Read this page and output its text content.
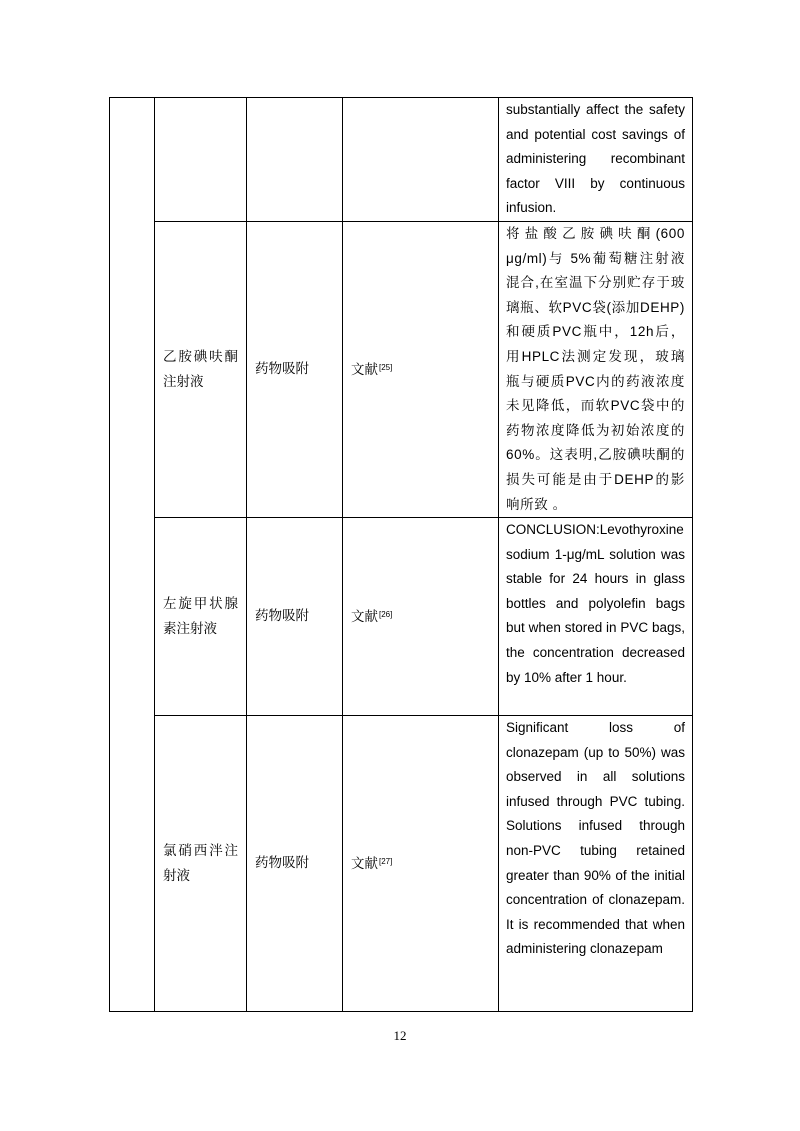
				substantially affect the safety and potential cost savings of administering recombinant factor VIII by continuous infusion.

	乙胺碘呋酮注射液	药物吸附	文献[25]	将盐酸乙胺碘呋酮(600 μg/ml)与 5%葡萄糖注射液混合,在室温下分别贮存于玻璃瓶、软PVC袋(添加DEHP)和硬质PVC瓶中，12h后，用HPLC法测定发现，玻璃瓶与硬质PVC内的药液浓度未见降低，而软PVC袋中的药物浓度降低为初始浓度的60%。这表明,乙胺碘呋酮的损失可能是由于DEHP的影响所致 。

	左旋甲状腺素注射液	药物吸附	文献[26]	CONCLUSION:Levothyroxine sodium 1-μg/mL solution was stable for 24 hours in glass bottles and polyolefin bags but when stored in PVC bags, the concentration decreased by 10% after 1 hour.

	氯硝西泮注射液	药物吸附	文献[27]	Significant loss of clonazepam (up to 50%) was observed in all solutions infused through PVC tubing. Solutions infused through non-PVC tubing retained greater than 90% of the initial concentration of clonazepam. It is recommended that when administering clonazepam
12
